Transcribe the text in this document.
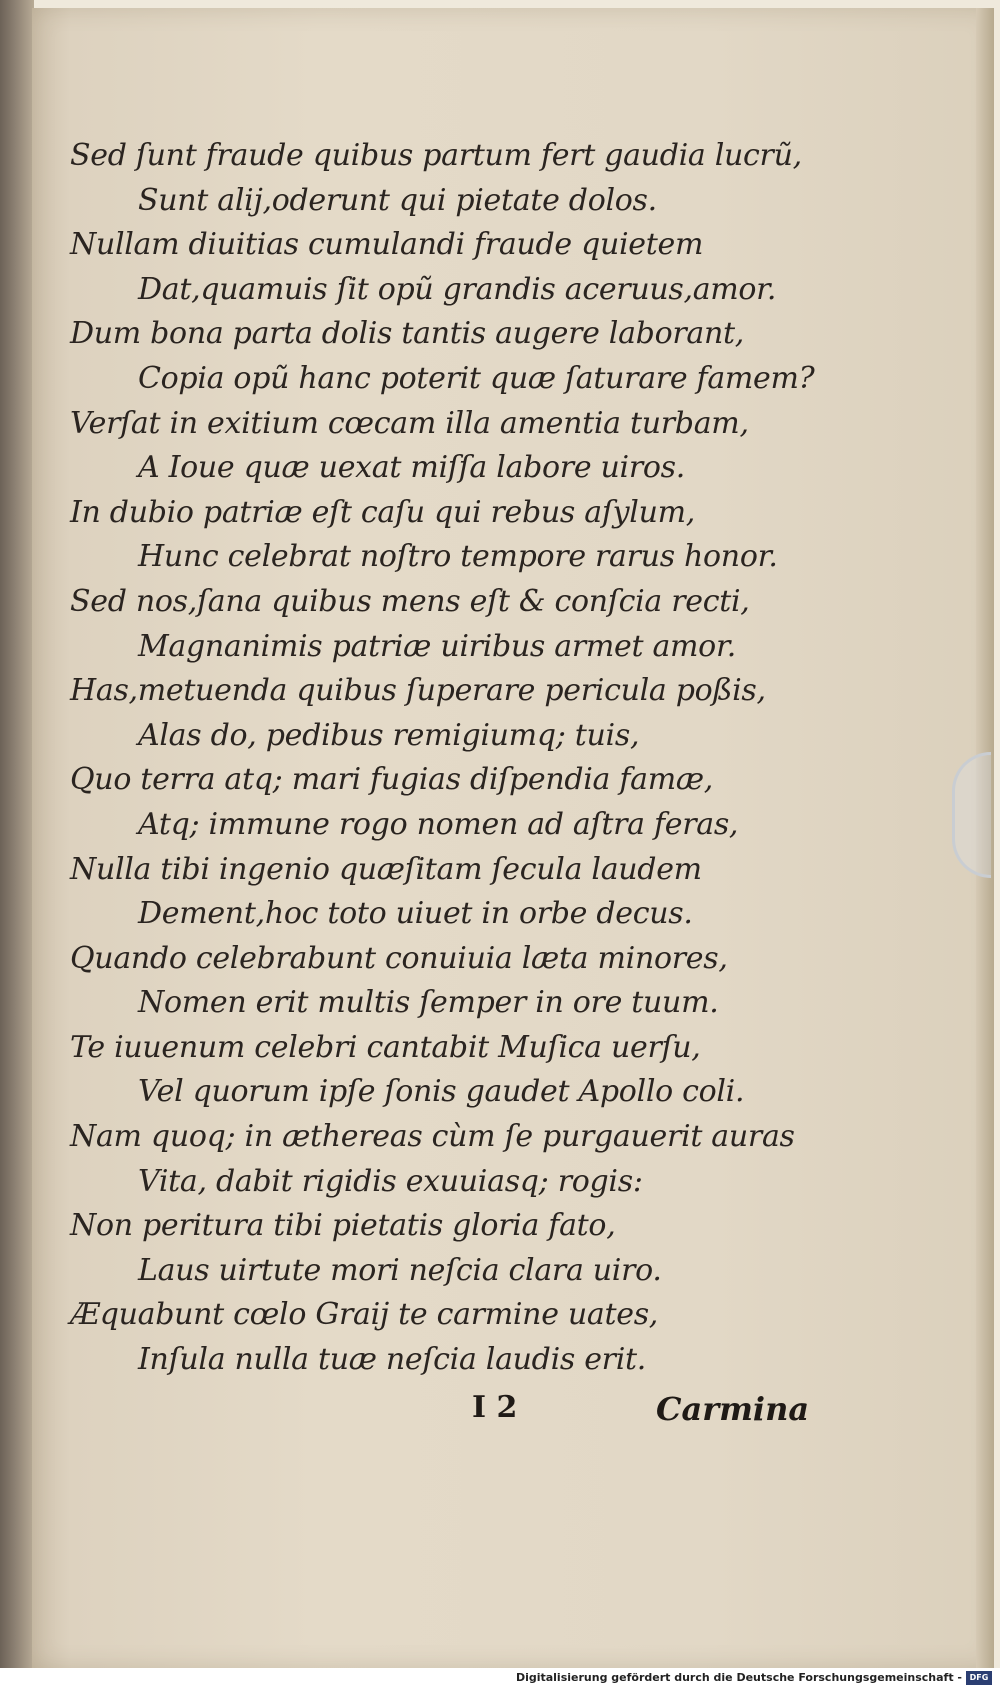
Sed ſunt fraude quibus partum fert gaudia lucrũ,
Sunt alij,oderunt qui pietate dolos.
Nullam diuitias cumulandi fraude quietem
Dat,quamuis ſit opũ grandis aceruus,amor.
Dum bona parta dolis tantis augere laborant,
Copia opũ hanc poterit quæ ſaturare famem?
Verſat in exitium cœcam illa amentia turbam,
A Ioue quæ uexat miſſa labore uiros.
In dubio patriæ eſt caſu qui rebus aſylum,
Hunc celebrat noſtro tempore rarus honor.
Sed nos,ſana quibus mens eſt & conſcia recti,
Magnanimis patriæ uiribus armet amor.
Has,metuenda quibus ſuperare pericula poßis,
Alas do, pedibus remigiumq; tuis,
Quo terra atq; mari fugias diſpendia famæ,
Atq; immune rogo nomen ad aſtra feras,
Nulla tibi ingenio quæſitam ſecula laudem
Dement,hoc toto uiuet in orbe decus.
Quando celebrabunt conuiuia læta minores,
Nomen erit multis ſemper in ore tuum.
Te iuuenum celebri cantabit Muſica uerſu,
Vel quorum ipſe ſonis gaudet Apollo coli.
Nam quoq; in æthereas cùm ſe purgauerit auras
Vita, dabit rigidis exuuiasq; rogis:
Non peritura tibi pietatis gloria fato,
Laus uirtute mori neſcia clara uiro.
Æquabunt cœlo Graij te carmine uates,
Inſula nulla tuæ neſcia laudis erit.
I 2	Carmina
Digitalisierung gefördert durch die Deutsche Forschungsgemeinschaft - DFG
